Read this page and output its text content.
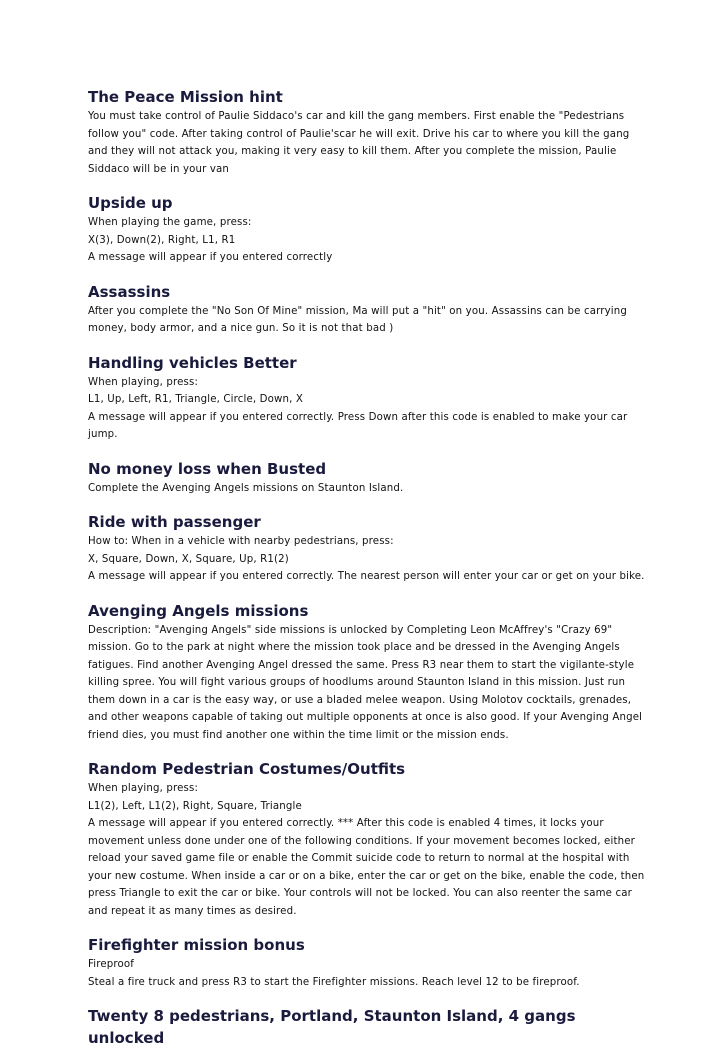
The Peace Mission hint

You must take control of Paulie Siddaco's car and kill the gang members. First enable the "Pedestrians follow you" code. After taking control of Paulie'scar he will exit. Drive his car to where you kill the gang and they will not attack you, making it very easy to kill them. After you complete the mission, Paulie Siddaco will be in your van

Upside up

When playing the game, press:

X(3), Down(2), Right, L1, R1

A message will appear if you entered correctly

Assassins

After you complete the "No Son Of Mine" mission, Ma will put a "hit" on you. Assassins can be carrying money, body armor, and a nice gun. So it is not that bad )

Handling vehicles Better

When playing, press:

L1, Up, Left, R1, Triangle, Circle, Down, X

A message will appear if you entered correctly. Press Down after this code is enabled to make your car jump.

No money loss when Busted

Complete the Avenging Angels missions on Staunton Island.

Ride with passenger

How to: When in a vehicle with nearby pedestrians, press:

X, Square, Down, X, Square, Up, R1(2)

A message will appear if you entered correctly. The nearest person will enter your car or get on your bike.

Avenging Angels missions

Description: "Avenging Angels" side missions is unlocked by Completing Leon McAffrey's "Crazy 69" mission. Go to the park at night where the mission took place and be dressed in the Avenging Angels fatigues. Find another Avenging Angel dressed the same. Press R3 near them to start the vigilante-style killing spree. You will fight various groups of hoodlums around Staunton Island in this mission. Just run them down in a car is the easy way, or use a bladed melee weapon. Using Molotov cocktails, grenades, and other weapons capable of taking out multiple opponents at once is also good. If your Avenging Angel friend dies, you must find another one within the time limit or the mission ends.

Random Pedestrian Costumes/Outfits

When playing, press:

L1(2), Left, L1(2), Right, Square, Triangle

A message will appear if you entered correctly. *** After this code is enabled 4 times, it locks your movement unless done under one of the following conditions. If your movement becomes locked, either reload your saved game file or enable the Commit suicide code to return to normal at the hospital with your new costume. When inside a car or on a bike, enter the car or get on the bike, enable the code, then press Triangle to exit the car or bike. Your controls will not be locked. You can also reenter the same car and repeat it as many times as desired.

Firefighter mission bonus

Fireproof

Steal a fire truck and press R3 to start the Firefighter missions. Reach level 12 to be fireproof.

Twenty 8 pedestrians, Portland, Staunton Island, 4 gangs unlocked
